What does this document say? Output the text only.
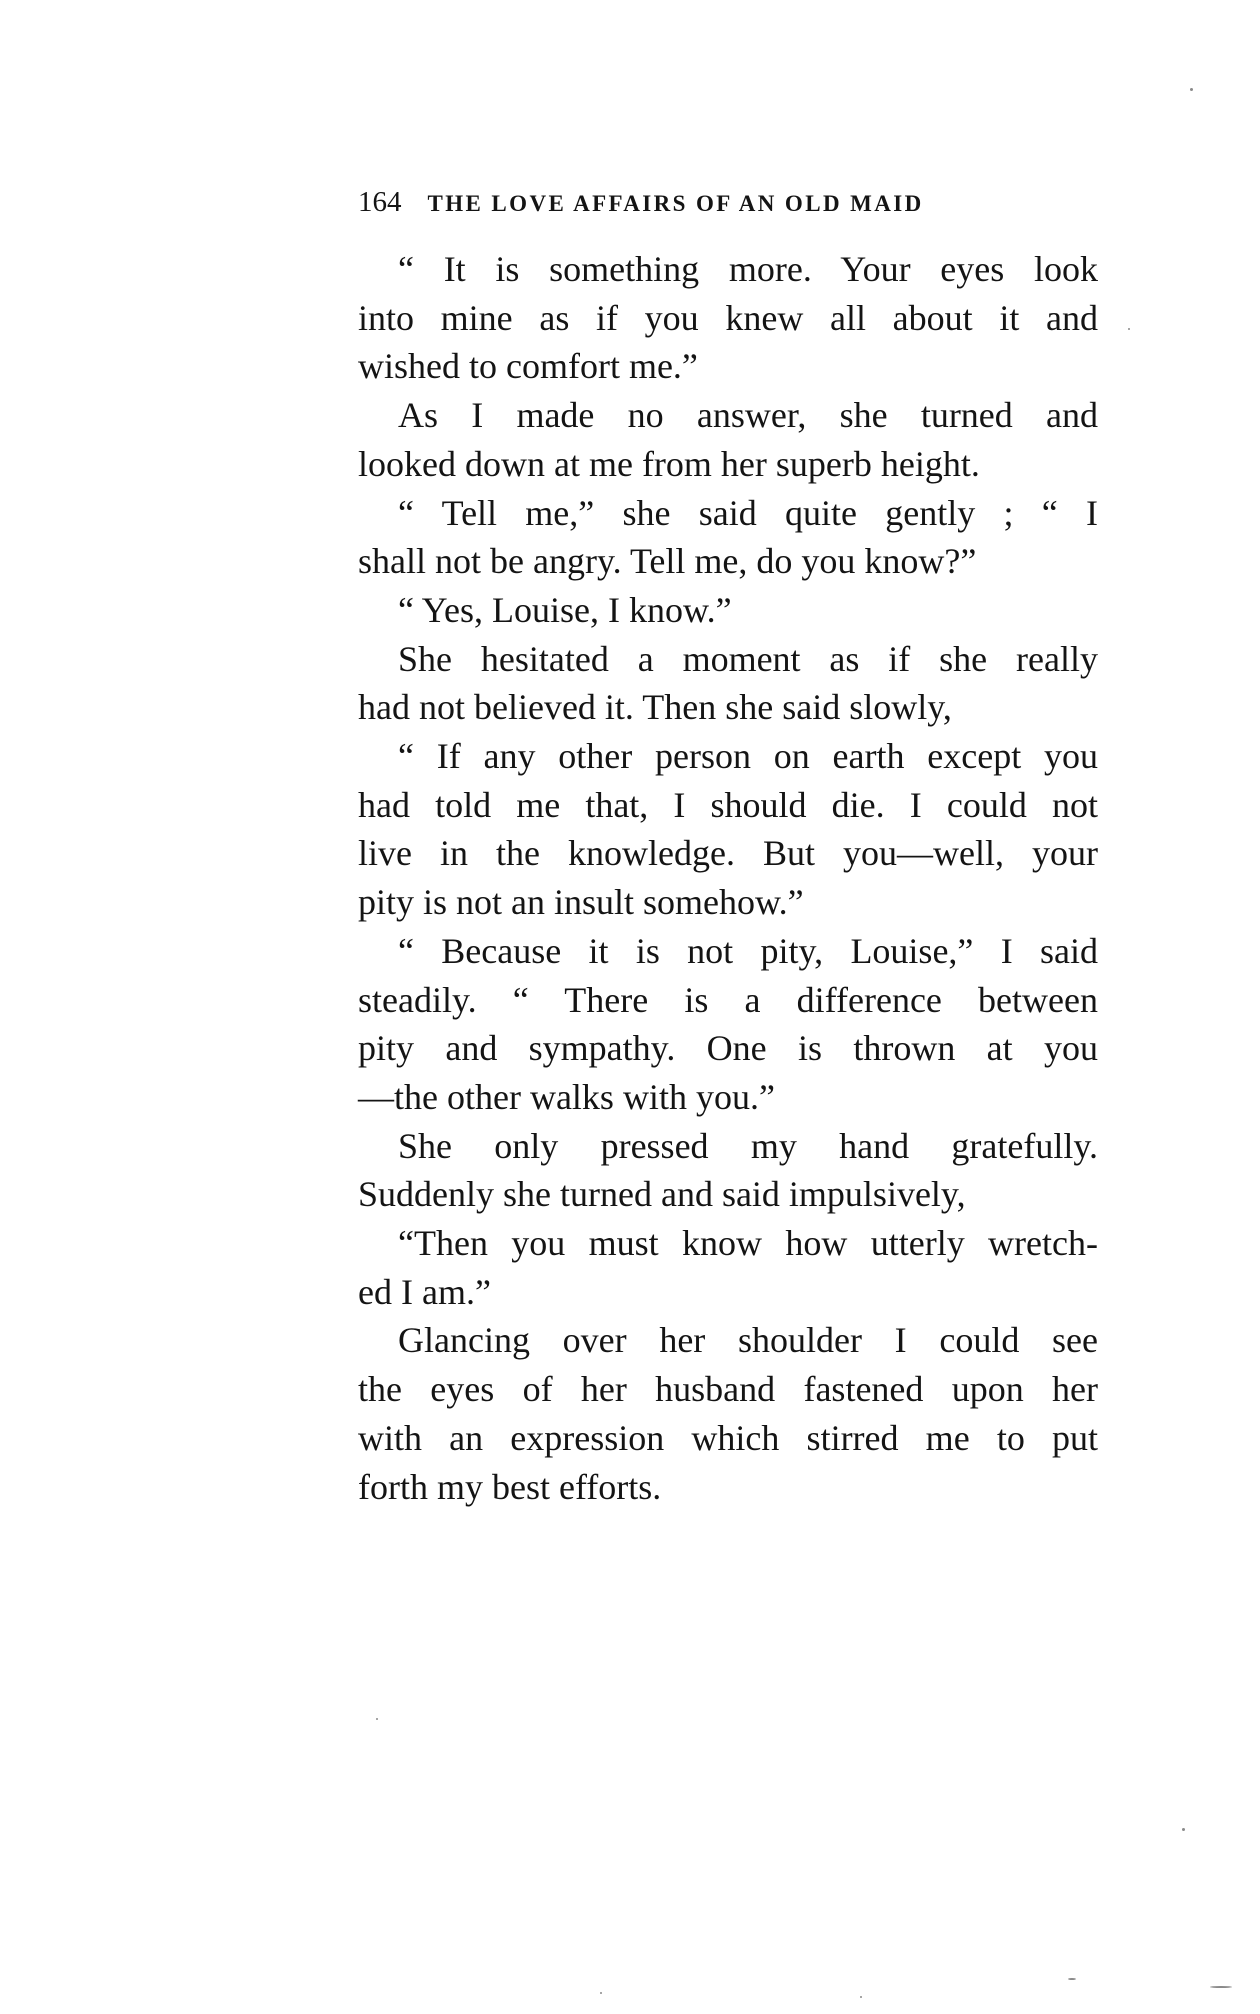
164 THE LOVE AFFAIRS OF AN OLD MAID
“ It is something more. Your eyes look
into mine as if you knew all about it and
wished to comfort me.”
As I made no answer, she turned and
looked down at me from her superb height.
“ Tell me,” she said quite gently ; “ I
shall not be angry. Tell me, do you know?”
“ Yes, Louise, I know.”
She hesitated a moment as if she really
had not believed it. Then she said slowly,
“ If any other person on earth except you
had told me that, I should die. I could not
live in the knowledge. But you—well, your
pity is not an insult somehow.”
“ Because it is not pity, Louise,” I said
steadily. “ There is a difference between
pity and sympathy. One is thrown at you
—the other walks with you.”
She only pressed my hand gratefully.
Suddenly she turned and said impulsively,
“Then you must know how utterly wretch-
ed I am.”
Glancing over her shoulder I could see
the eyes of her husband fastened upon her
with an expression which stirred me to put
forth my best efforts.
